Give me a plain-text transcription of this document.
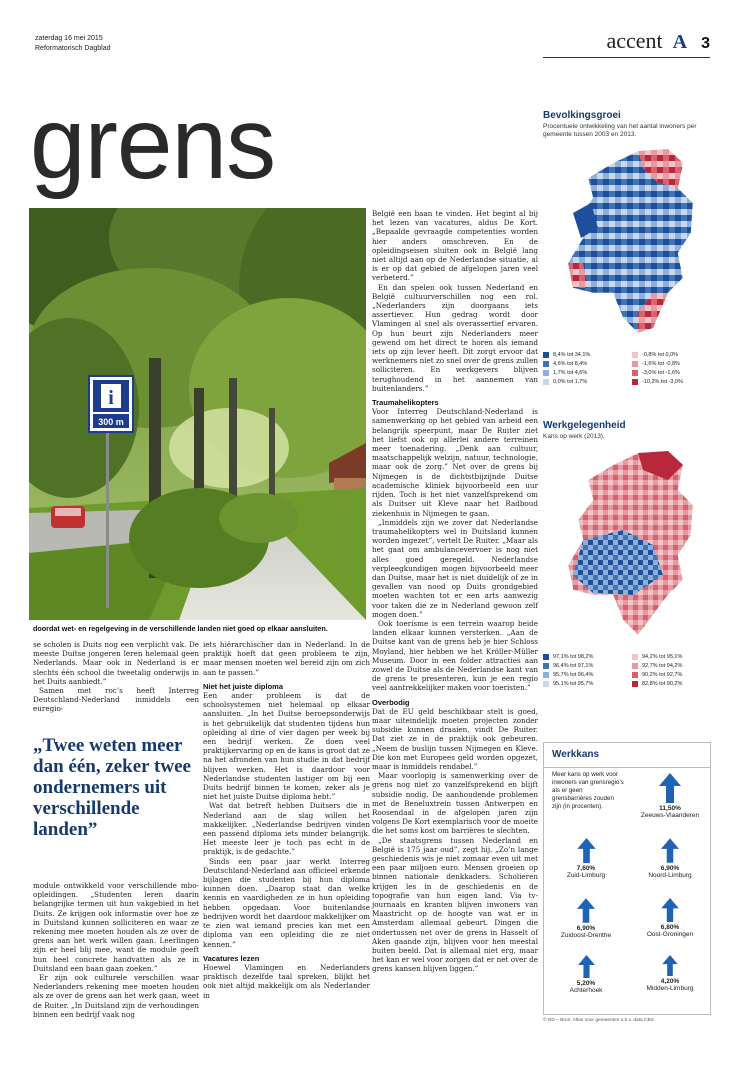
zaterdag 16 mei 2015
Reformatorisch Dagblad	accent A 3
grens
i
300 m
doordat wet- en regelgeving in de verschillende landen niet goed op elkaar aansluiten.

se scholen is Duits nog een verplicht vak. De meeste Duitse jongeren leren helemaal geen Nederlands. Maar ook in Nederland is er slechts één school die tweetalig onderwijs in het Duits aanbiedt.”

Samen met roc’s heeft Interreg Deutschland-Nederland inmiddels een euregio-

„Twee weten meer dan één, zeker twee ondernemers uit verschillende landen”

module ontwikkeld voor verschillende mbo-opleidingen. „Studenten leren daarin belangrijke termen uit hun vakgebied in het Duits. Ze krijgen ook informatie over hoe ze in Duitsland kunnen solliciteren en waar ze rekening mee moeten houden als ze over de grens aan het werk willen gaan. Leerlingen zijn er heel blij mee, want de module geeft hun heel concrete handvatten als ze in Duitsland een baan gaan zoeken.”

Er zijn ook culturele verschillen waar Nederlanders rekening mee moeten houden als ze over de grens aan het werk gaan, weet de Ruiter. „In Duitsland zijn de verhoudingen binnen een bedrijf vaak nog

iets hiërarchischer dan in Nederland. In de praktijk hoeft dat geen probleem te zijn, maar mensen moeten wel bereid zijn om zich aan te passen.”

Niet het juiste diploma

Een ander probleem is dat de schoolsystemen niet helemaal op elkaar aansluiten. „In het Duitse beroepsonderwijs is het gebruikelijk dat studenten tijdens hun opleiding al drie of vier dagen per week bij een bedrijf werken. Ze doen veel praktijkervaring op en de kans is groot dat ze na het afronden van hun studie in dat bedrijf blijven werken. Het is daardoor voor Nederlandse studenten lastiger om bij een Duits bedrijf binnen te komen, zeker als je niet het juiste Duitse diploma hebt.”

Wat dat betreft hebben Duitsers die in Nederland aan de slag willen het makkelijker. „Nederlandse bedrijven vinden een passend diploma iets minder belangrijk. Het meeste leer je toch pas echt in de praktijk, is de gedachte.”

Sinds een paar jaar werkt Interreg Deutschland-Nederland aan officieel erkende bijlagen die studenten bij hun diploma kunnen doen. „Daarop staat dan welke kennis en vaardigheden ze in hun opleiding hebben opgedaan. Voor buitenlandse bedrijven wordt het daardoor makkelijker om te zien wat iemand precies kan met een diploma van een opleiding die ze niet kennen.”

Vacatures lezen

Hoewel Vlamingen en Nederlanders praktisch dezelfde taal spreken, blijkt het ook niet altijd makkelijk om als Nederlander in

België een baan te vinden. Het begint al bij het lezen van vacatures, aldus De Kort. „Bepaalde gevraagde competenties worden hier anders omschreven. En de opleidingseisen sluiten ook in België lang niet altijd aan op de Nederlandse situatie, al is er op dat gebied de afgelopen jaren veel verbeterd.”

En dan spelen ook tussen Nederland en België cultuurverschillen nog een rol. „Nederlanders zijn doorgaans iets assertiever. Hun gedrag wordt door Vlamingen al snel als overassertief ervaren. Op hun beurt zijn Nederlanders meer gewend om het direct te horen als iemand iets op zijn lever heeft. Dit zorgt ervoor dat werknemers niet zo snel over de grens zullen solliciteren. En werkgevers blijven terughoudend in het aannemen van buitenlanders.”

Traumahelikopters

Voor Interreg Deutschland-Nederland is samenwerking op het gebied van arbeid een belangrijk speerpunt, maar De Ruiter ziet het liefst ook op allerlei andere terreinen meer toenadering. „Denk aan cultuur, maatschappelijk welzijn, natuur, technologie, maar ook de zorg.” Net over de grens bij Nijmegen is de dichtstbijzijnde Duitse academische kliniek bijvoorbeeld een uur rijden. Toch is het niet vanzelfsprekend om als Duitser uit Kleve naar het Radboud ziekenhuis in Nijmegen te gaan.

„Inmiddels zijn we zover dat Nederlandse traumahelikopters wel in Duitsland kunnen worden ingezet”, vertelt De Ruiter. „Maar als het gaat om ambulancevervoer is nog niet alles goed geregeld. Nederlandse verpleegkundigen mogen bijvoorbeeld meer dan Duitse, maar het is niet duidelijk of ze in gevallen van nood op Duits grondgebied moeten wachten tot er een arts aanwezig voor taken die ze in Nederland gewoon zelf mogen doen.”

Ook toerisme is een terrein waarop beide landen elkaar kunnen versterken. „Aan de Duitse kant van de grens heb je hier Schloss Moyland, hier hebben we het Kröller-Müller Museum. Door in een folder attracties aan zowel de Duitse als de Nederlandse kant van de grens te presenteren, kun je een regio veel aantrekkelijker maken voor toeristen.”

Overbodig

Dat de EU geld beschikbaar stelt is goed, maar uiteindelijk moeten projecten zonder subsidie kunnen draaien, vindt De Ruiter. Dat ziet ze in de praktijk ook gebeuren. „Neem de buslijn tussen Nijmegen en Kleve. Die kon met Europees geld worden opgezet, maar is inmiddels rendabel.”

Maar voorlopig is samenwerking over de grens nog niet zo vanzelfsprekend en blijft subsidie nodig. De aanhoudende problemen met de Beneluxtrein tussen Antwerpen en Roosendaal in de afgelopen jaren zijn volgens De Kort exemplarisch voor de moeite die het soms kost om barrières te slechten.

„De staatsgrens tussen Nederland en België is 175 jaar oud”, zegt hij. „Zo’n lange geschiedenis wis je niet zomaar even uit met een paar miljoen euro. Mensen groeien op binnen nationale denkkaders. Scholieren krijgen les in de geschiedenis en de topografie van hun eigen land. Via tv-journaals en kranten blijven inwoners van Maastricht op de hoogte van wat er in Amsterdam allemaal gebeurt. Dingen die ondertussen net over de grens in Hasselt of Aken gaande zijn, blijven voor hen meestal buiten beeld. Dat is allemaal niet erg, maar het kan er wel voor zorgen dat er net over de grens kansen blijven liggen.”

Bevolkingsgroei
Procentuele ontwikkeling van het aantal inwoners per gemeente tussen 2003 en 2013.
8,4% tot 34,1%	-0,8% tot 0,0%
4,6% tot 8,4%	-1,6% tot -0,8%
1,7% tot 4,6%	-3,0% tot -1,6%
0,0% tot 1,7%	-10,2% tot -3,0%
Werkgelegenheid
Kans op werk (2013).
97,1% tot 98,2%	94,2% tot 95,1%
96,4% tot 97,1%	92,7% tot 94,2%
95,7% tot 96,4%	90,2% tot 92,7%
95,1% tot 95,7%	82,8% tot 90,2%
Werkkans
Meer kans op werk voor inwoners van grensregio’s als er geen grensbarrières zouden zijn (in procenten).	11,50%
Zeeuws-Vlaanderen
7,60%
Zuid-Limburg
6,90%
Noord-Limburg
6,90%
Zuidoost-Drenthe
6,80%
Oost-Groningen
5,20%
Achterhoek
4,20%
Midden-Limburg
© RD – Bron: Atlas voor gemeenten o.b.v. data CBS
